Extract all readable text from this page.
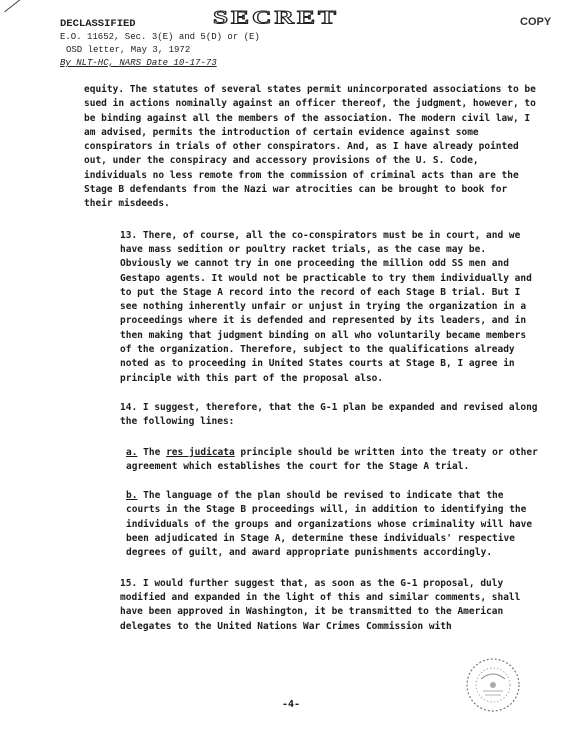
DECLASSIFIED
E.O. 11652, Sec. 3(E) and 5(D) or (E)
OSD letter, May 3, 1972
By NLT-HC, NARS Date 10-17-73
SECRET	COPY

equity. The statutes of several states permit unincorporated associations to be sued in actions nominally against an officer thereof, the judgment, however, to be binding against all the members of the association. The modern civil law, I am advised, permits the introduction of certain evidence against some conspirators in trials of other conspirators. And, as I have already pointed out, under the conspiracy and accessory provisions of the U. S. Code, individuals no less remote from the commission of criminal acts than are the Stage B defendants from the Nazi war atrocities can be brought to book for their misdeeds.

13. There, of course, all the co-conspirators must be in court, and we have mass sedition or poultry racket trials, as the case may be. Obviously we cannot try in one proceeding the million odd SS men and Gestapo agents. It would not be practicable to try them individually and to put the Stage A record into the record of each Stage B trial. But I see nothing inherently unfair or unjust in trying the organization in a proceedings where it is defended and represented by its leaders, and in then making that judgment binding on all who voluntarily became members of the organization. Therefore, subject to the qualifications already noted as to proceeding in United States courts at Stage B, I agree in principle with this part of the proposal also.

14. I suggest, therefore, that the G-1 plan be expanded and revised along the following lines:

a. The res judicata principle should be written into the treaty or other agreement which establishes the court for the Stage A trial.

b. The language of the plan should be revised to indicate that the courts in the Stage B proceedings will, in addition to identifying the individuals of the groups and organizations whose criminality will have been adjudicated in Stage A, determine these individuals' respective degrees of guilt, and award appropriate punishments accordingly.

15. I would further suggest that, as soon as the G-1 proposal, duly modified and expanded in the light of this and similar comments, shall have been approved in Washington, it be transmitted to the American delegates to the United Nations War Crimes Commission with

-4-
